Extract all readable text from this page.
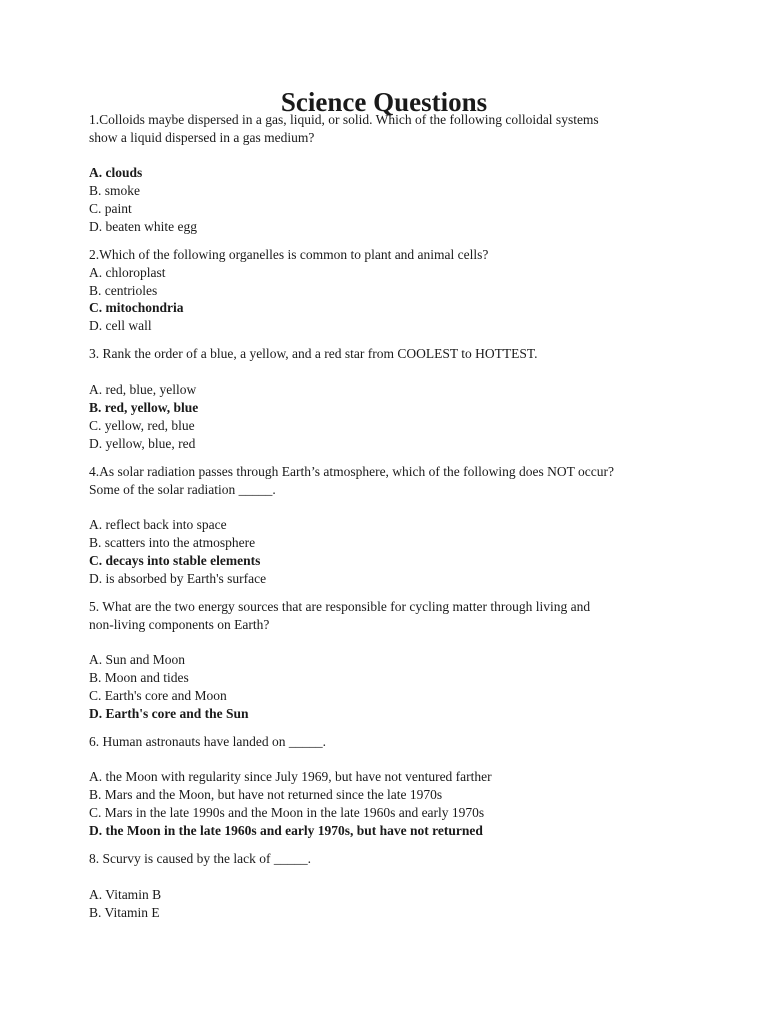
Science Questions
1.Colloids maybe dispersed in a gas, liquid, or solid. Which of the following colloidal systems
show a liquid dispersed in a gas medium?
A. clouds
B. smoke
C. paint
D. beaten white egg
2.Which of the following organelles is common to plant and animal cells?
A. chloroplast
B. centrioles
C. mitochondria
D. cell wall
3. Rank the order of a blue, a yellow, and a red star from COOLEST to HOTTEST.
A. red, blue, yellow
B. red, yellow, blue
C. yellow, red, blue
D. yellow, blue, red
4.As solar radiation passes through Earth’s atmosphere, which of the following does NOT occur?
Some of the solar radiation _____.
A. reflect back into space
B. scatters into the atmosphere
C. decays into stable elements
D. is absorbed by Earth's surface
5. What are the two energy sources that are responsible for cycling matter through living and
non-living components on Earth?
A. Sun and Moon
B. Moon and tides
C. Earth's core and Moon
D. Earth's core and the Sun
6. Human astronauts have landed on _____.
A. the Moon with regularity since July 1969, but have not ventured farther
B. Mars and the Moon, but have not returned since the late 1970s
C. Mars in the late 1990s and the Moon in the late 1960s and early 1970s
D. the Moon in the late 1960s and early 1970s, but have not returned
8. Scurvy is caused by the lack of _____.
A. Vitamin B
B. Vitamin E
